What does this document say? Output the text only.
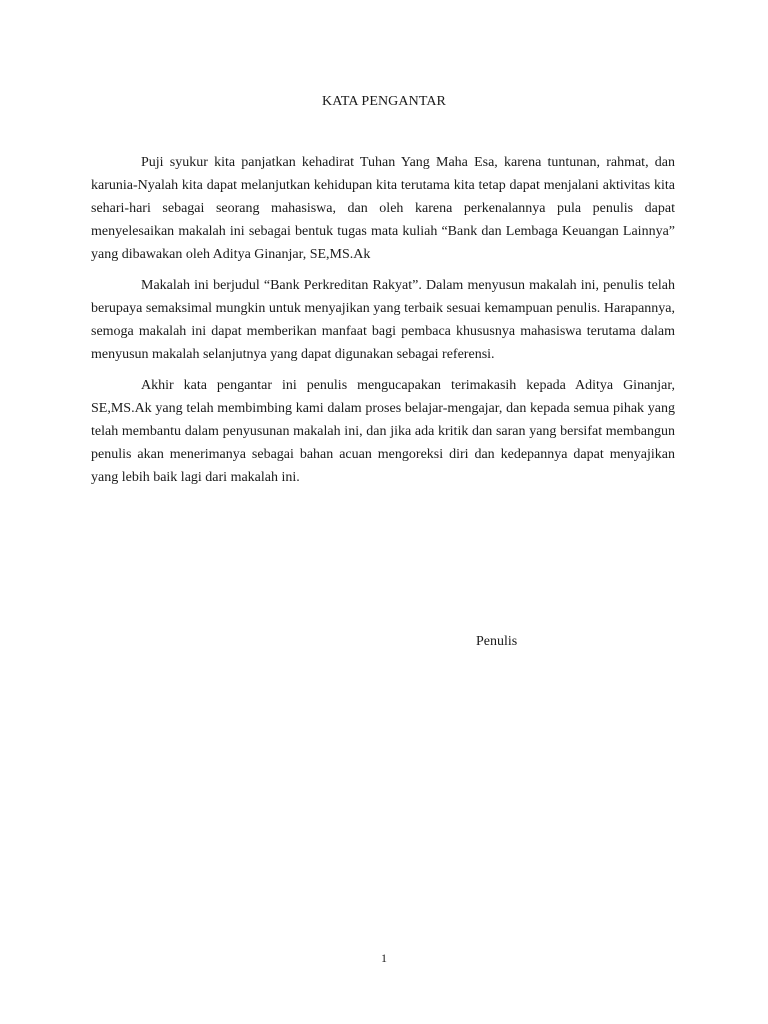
KATA PENGANTAR

Puji syukur kita panjatkan kehadirat Tuhan Yang Maha Esa, karena tuntunan, rahmat, dan karunia-Nyalah kita dapat melanjutkan kehidupan kita terutama kita tetap dapat menjalani aktivitas kita sehari-hari sebagai seorang mahasiswa, dan oleh karena perkenalannya pula penulis dapat menyelesaikan makalah ini sebagai bentuk tugas mata kuliah “Bank dan Lembaga Keuangan Lainnya” yang dibawakan oleh Aditya Ginanjar, SE,MS.Ak

Makalah ini berjudul “Bank Perkreditan Rakyat”. Dalam menyusun makalah ini, penulis telah berupaya semaksimal mungkin untuk menyajikan yang terbaik sesuai kemampuan penulis. Harapannya, semoga makalah ini dapat memberikan manfaat bagi pembaca khususnya mahasiswa terutama dalam menyusun makalah selanjutnya yang dapat digunakan sebagai referensi.

Akhir kata pengantar ini penulis mengucapakan terimakasih kepada Aditya Ginanjar, SE,MS.Ak yang telah membimbing kami dalam proses belajar-mengajar, dan kepada semua pihak yang telah membantu dalam penyusunan makalah ini, dan jika ada kritik dan saran yang bersifat membangun penulis akan menerimanya sebagai bahan acuan mengoreksi diri dan kedepannya dapat menyajikan yang lebih baik lagi dari makalah ini.

Penulis

1
